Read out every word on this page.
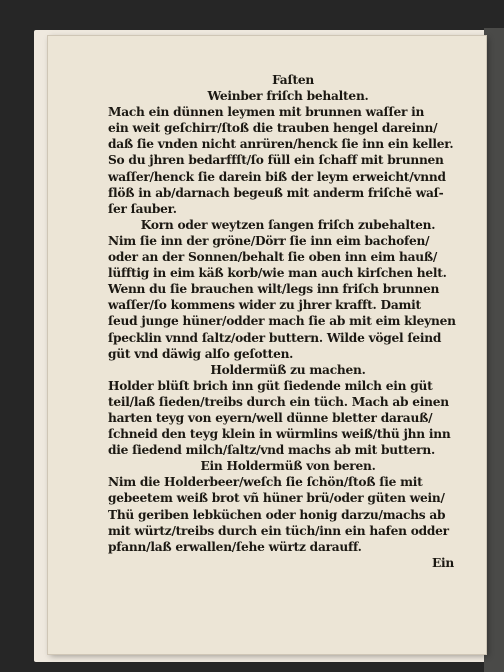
Faſten

Weinber friſch behalten.

Mach ein dünnen leymen mit brunnen waſſer in

ein weit geſchirr/ſtoß die trauben hengel dareinn/

daß ſie vnden nicht anrüren/henck ſie inn ein keller.

So du jhren bedarffſt/ſo füll ein ſchaff mit brunnen

waſſer/henck ſie darein biß der leym erweicht/vnnd

flöß in ab/darnach begeuß mit anderm friſchē waſ-

ſer ſauber.

Korn oder weytzen ſangen friſch zubehalten.

Nim ſie inn der gröne/Dörr ſie inn eim bachofen/

oder an der Sonnen/behalt ſie oben inn eim hauß/

lüfftig in eim käß korb/wie man auch kirſchen helt.

Wenn du ſie brauchen wilt/legs inn friſch brunnen

waſſer/ſo kommens wider zu jhrer krafft. Damit

ſeud junge hüner/odder mach ſie ab mit eim kleynen

ſpecklin vnnd ſaltz/oder buttern. Wilde vögel ſeind

güt vnd däwig alſo geſotten.

Holdermüß zu machen.

Holder blüſt brich inn güt ſiedende milch ein güt

teil/laß ſieden/treibs durch ein tüch. Mach ab einen

harten teyg von eyern/well dünne bletter darauß/

ſchneid den teyg klein in würmlins weiß/thü jhn inn

die ſiedend milch/ſaltz/vnd machs ab mit buttern.

Ein Holdermüß von beren.

Nim die Holderbeer/weſch ſie ſchön/ſtoß ſie mit

gebeetem weiß brot vñ hüner brü/oder güten wein/

Thü geriben lebküchen oder honig darzu/machs ab

mit würtz/treibs durch ein tüch/inn ein hafen odder

pfann/laß erwallen/ſehe würtz darauff.

Ein
